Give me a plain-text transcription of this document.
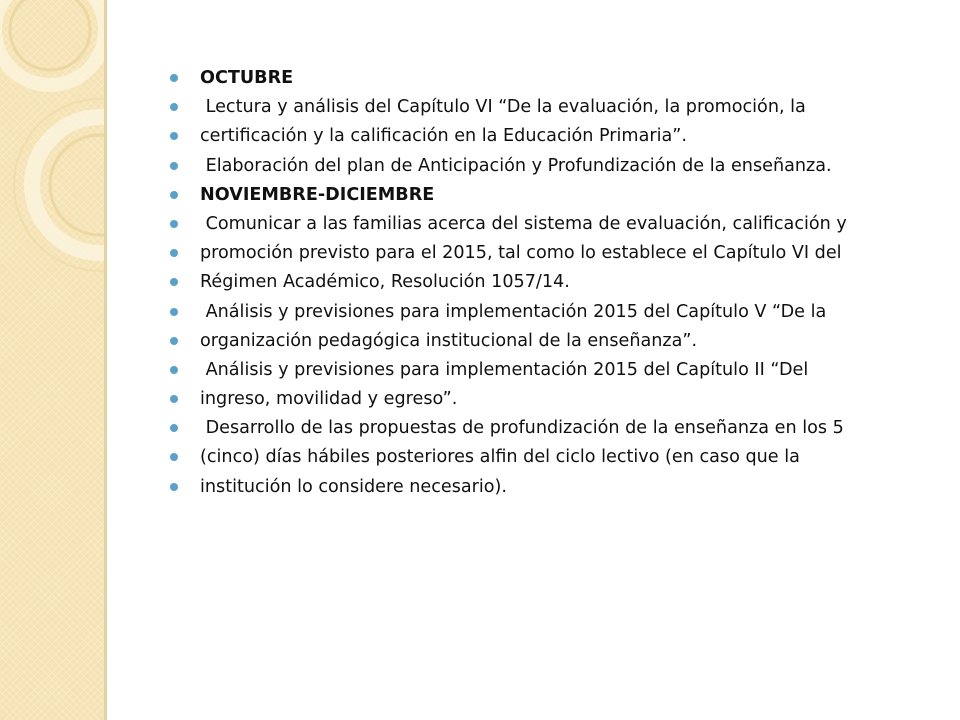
OCTUBRE
Lectura y análisis del Capítulo VI “De la evaluación, la promoción, la
certificación y la calificación en la Educación Primaria”.
Elaboración del plan de Anticipación y Profundización de la enseñanza.
NOVIEMBRE-DICIEMBRE
Comunicar a las familias acerca del sistema de evaluación, calificación y
promoción previsto para el 2015, tal como lo establece el Capítulo VI del
Régimen Académico, Resolución 1057/14.
Análisis y previsiones para implementación 2015 del Capítulo V “De la
organización pedagógica institucional de la enseñanza”.
Análisis y previsiones para implementación 2015 del Capítulo II “Del
ingreso, movilidad y egreso”.
Desarrollo de las propuestas de profundización de la enseñanza en los 5
(cinco) días hábiles posteriores alfin del ciclo lectivo (en caso que la
institución lo considere necesario).
